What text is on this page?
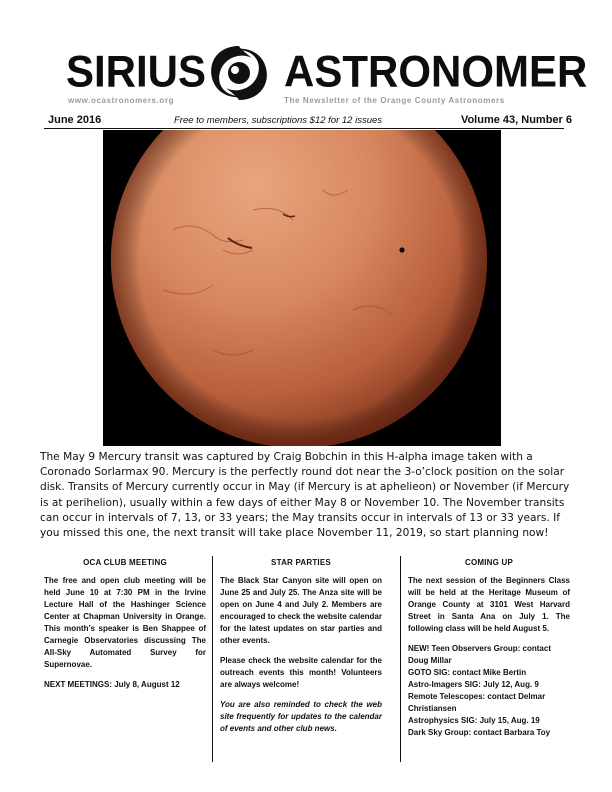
SIRIUS ASTRONOMER
www.ocastronomers.org	The Newsletter of the Orange County Astronomers
June 2016	Free to members, subscriptions $12 for 12 issues	Volume 43, Number 6
The May 9 Mercury transit was captured by Craig Bobchin in this H-alpha image taken with a Coronado Sorlarmax 90. Mercury is the perfectly round dot near the 3-o’clock position on the solar disk. Transits of Mercury currently occur in May (if Mercury is at aphelieon) or November (if Mercury is at perihelion), usually within a few days of either May 8 or November 10. The November transits can occur in intervals of 7, 13, or 33 years; the May transits occur in intervals of 13 or 33 years. If you missed this one, the next transit will take place November 11, 2019, so start planning now!
OCA CLUB MEETING

The free and open club meeting will be held June 10 at 7:30 PM in the Irvine Lecture Hall of the Hashinger Science Center at Chapman University in Orange. This month’s speaker is Ben Shappee of Carnegie Observatories discussing The All-Sky Automated Survey for Supernovae.

NEXT MEETINGS: July 8, August 12

STAR PARTIES

The Black Star Canyon site will open on June 25 and July 25. The Anza site will be open on June 4 and July 2. Members are encouraged to check the website calendar for the latest updates on star parties and other events.

Please check the website calendar for the outreach events this month! Volunteers are always welcome!

You are also reminded to check the web site frequently for updates to the calendar of events and other club news.

COMING UP

The next session of the Beginners Class will be held at the Heritage Museum of Orange County at 3101 West Harvard Street in Santa Ana on July 1. The following class will be held August 5.

NEW! Teen Observers Group: contact Doug Millar
GOTO SIG: contact Mike Bertin
Astro-Imagers SIG: July 12, Aug. 9
Remote Telescopes: contact Delmar Christiansen
Astrophysics SIG: July 15, Aug. 19
Dark Sky Group: contact Barbara Toy
